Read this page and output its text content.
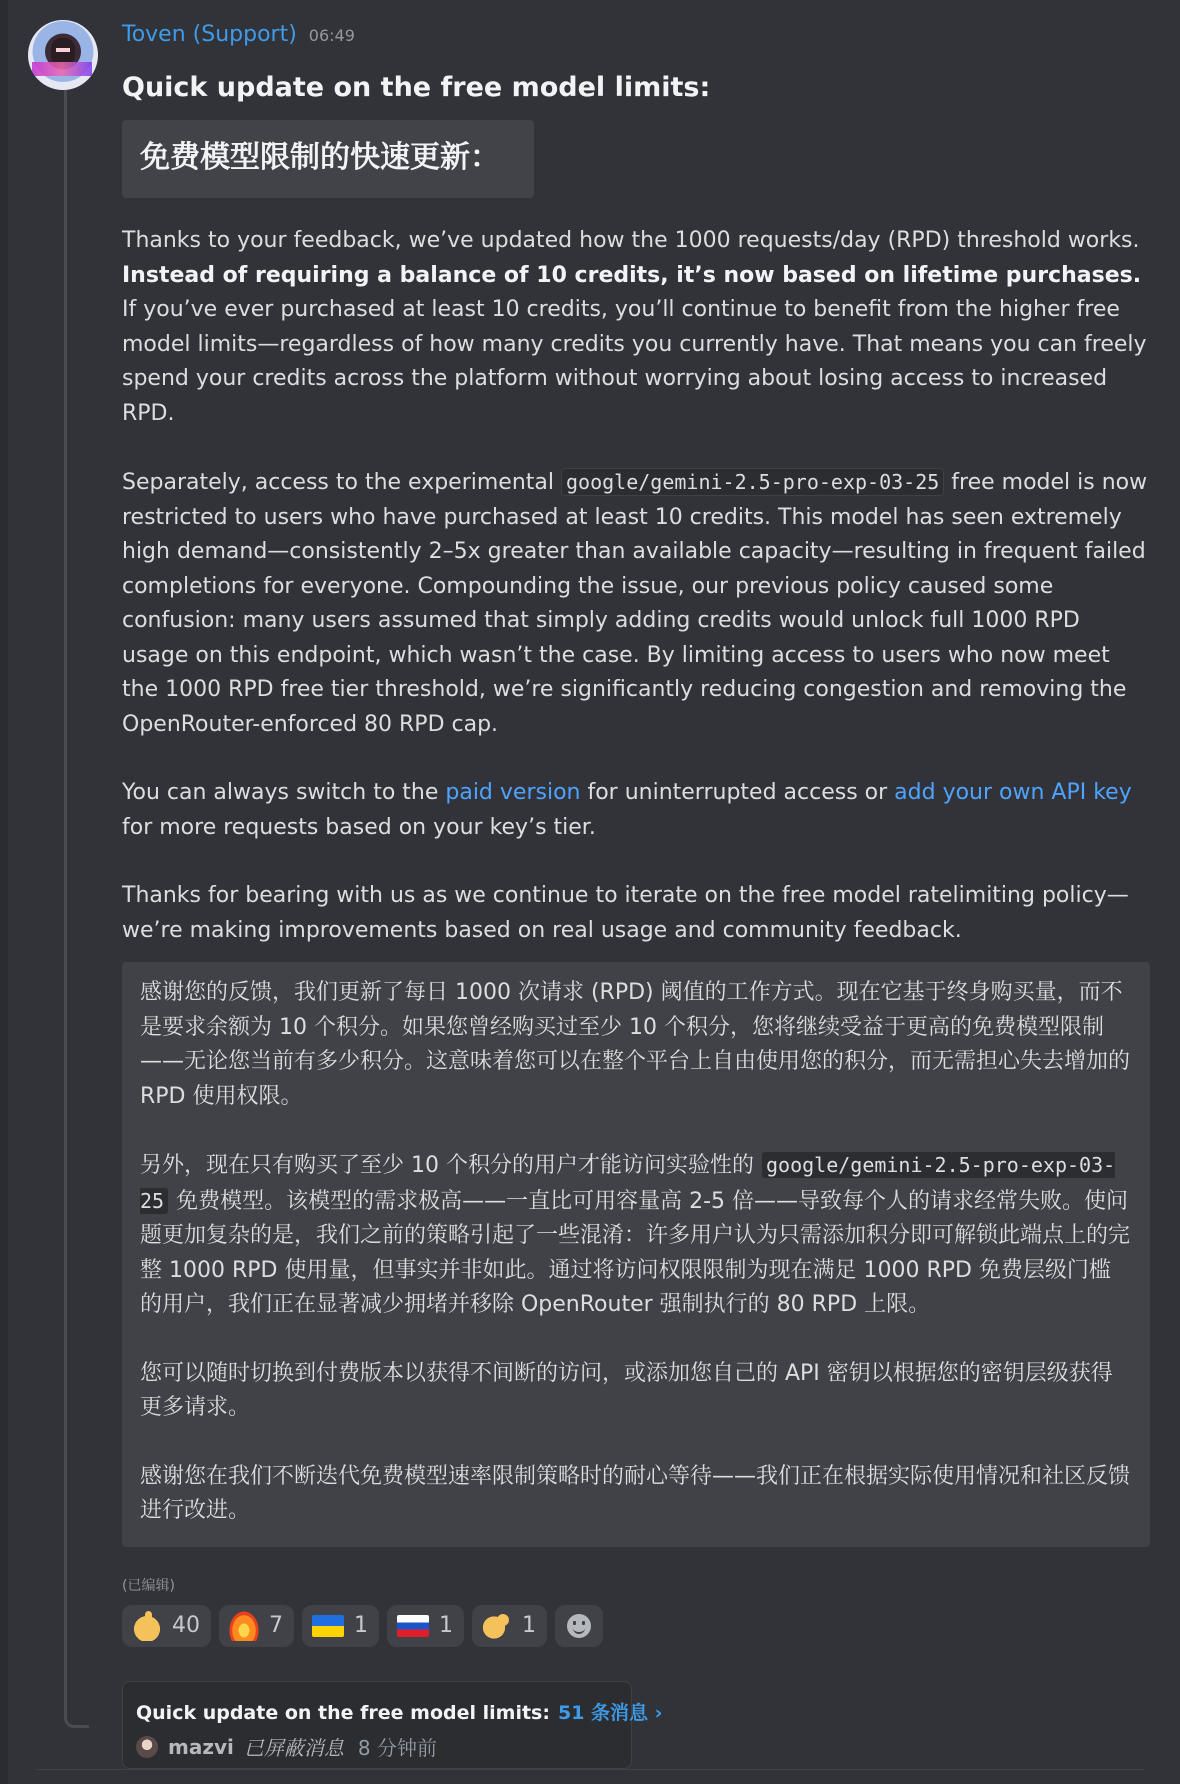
Toven (Support) 06:49
Quick update on the free model limits:
免费模型限制的快速更新：

Thanks to your feedback, we’ve updated how the 1000 requests/day (RPD) threshold works. Instead of requiring a balance of 10 credits, it’s now based on lifetime purchases. If you’ve ever purchased at least 10 credits, you’ll continue to benefit from the higher free model limits—regardless of how many credits you currently have. That means you can freely spend your credits across the platform without worrying about losing access to increased RPD.

Separately, access to the experimental google/gemini-2.5-pro-exp-03-25 free model is now restricted to users who have purchased at least 10 credits. This model has seen extremely high demand—consistently 2–5x greater than available capacity—resulting in frequent failed completions for everyone. Compounding the issue, our previous policy caused some confusion: many users assumed that simply adding credits would unlock full 1000 RPD usage on this endpoint, which wasn’t the case. By limiting access to users who now meet the 1000 RPD free tier threshold, we’re significantly reducing congestion and removing the OpenRouter-enforced 80 RPD cap.

You can always switch to the paid version for uninterrupted access or add your own API key for more requests based on your key’s tier.

Thanks for bearing with us as we continue to iterate on the free model ratelimiting policy—we’re making improvements based on real usage and community feedback.

感谢您的反馈，我们更新了每日 1000 次请求 (RPD) 阈值的工作方式。现在它基于终身购买量，而不是要求余额为 10 个积分。如果您曾经购买过至少 10 个积分，您将继续受益于更高的免费模型限制——无论您当前有多少积分。这意味着您可以在整个平台上自由使用您的积分，而无需担心失去增加的 RPD 使用权限。

另外，现在只有购买了至少 10 个积分的用户才能访问实验性的 google/gemini-2.5-pro-exp-03-25 免费模型。该模型的需求极高——一直比可用容量高 2-5 倍——导致每个人的请求经常失败。使问题更加复杂的是，我们之前的策略引起了一些混淆：许多用户认为只需添加积分即可解锁此端点上的完整 1000 RPD 使用量，但事实并非如此。通过将访问权限限制为现在满足 1000 RPD 免费层级门槛的用户，我们正在显著减少拥堵并移除 OpenRouter 强制执行的 80 RPD 上限。

您可以随时切换到付费版本以获得不间断的访问，或添加您自己的 API 密钥以根据您的密钥层级获得更多请求。

感谢您在我们不断迭代免费模型速率限制策略时的耐心等待——我们正在根据实际使用情况和社区反馈进行改进。

(已编辑)
40	7	1	1	1
Quick update on the free model limits: 51 条消息 ›
mazvi 已屏蔽消息 8 分钟前
